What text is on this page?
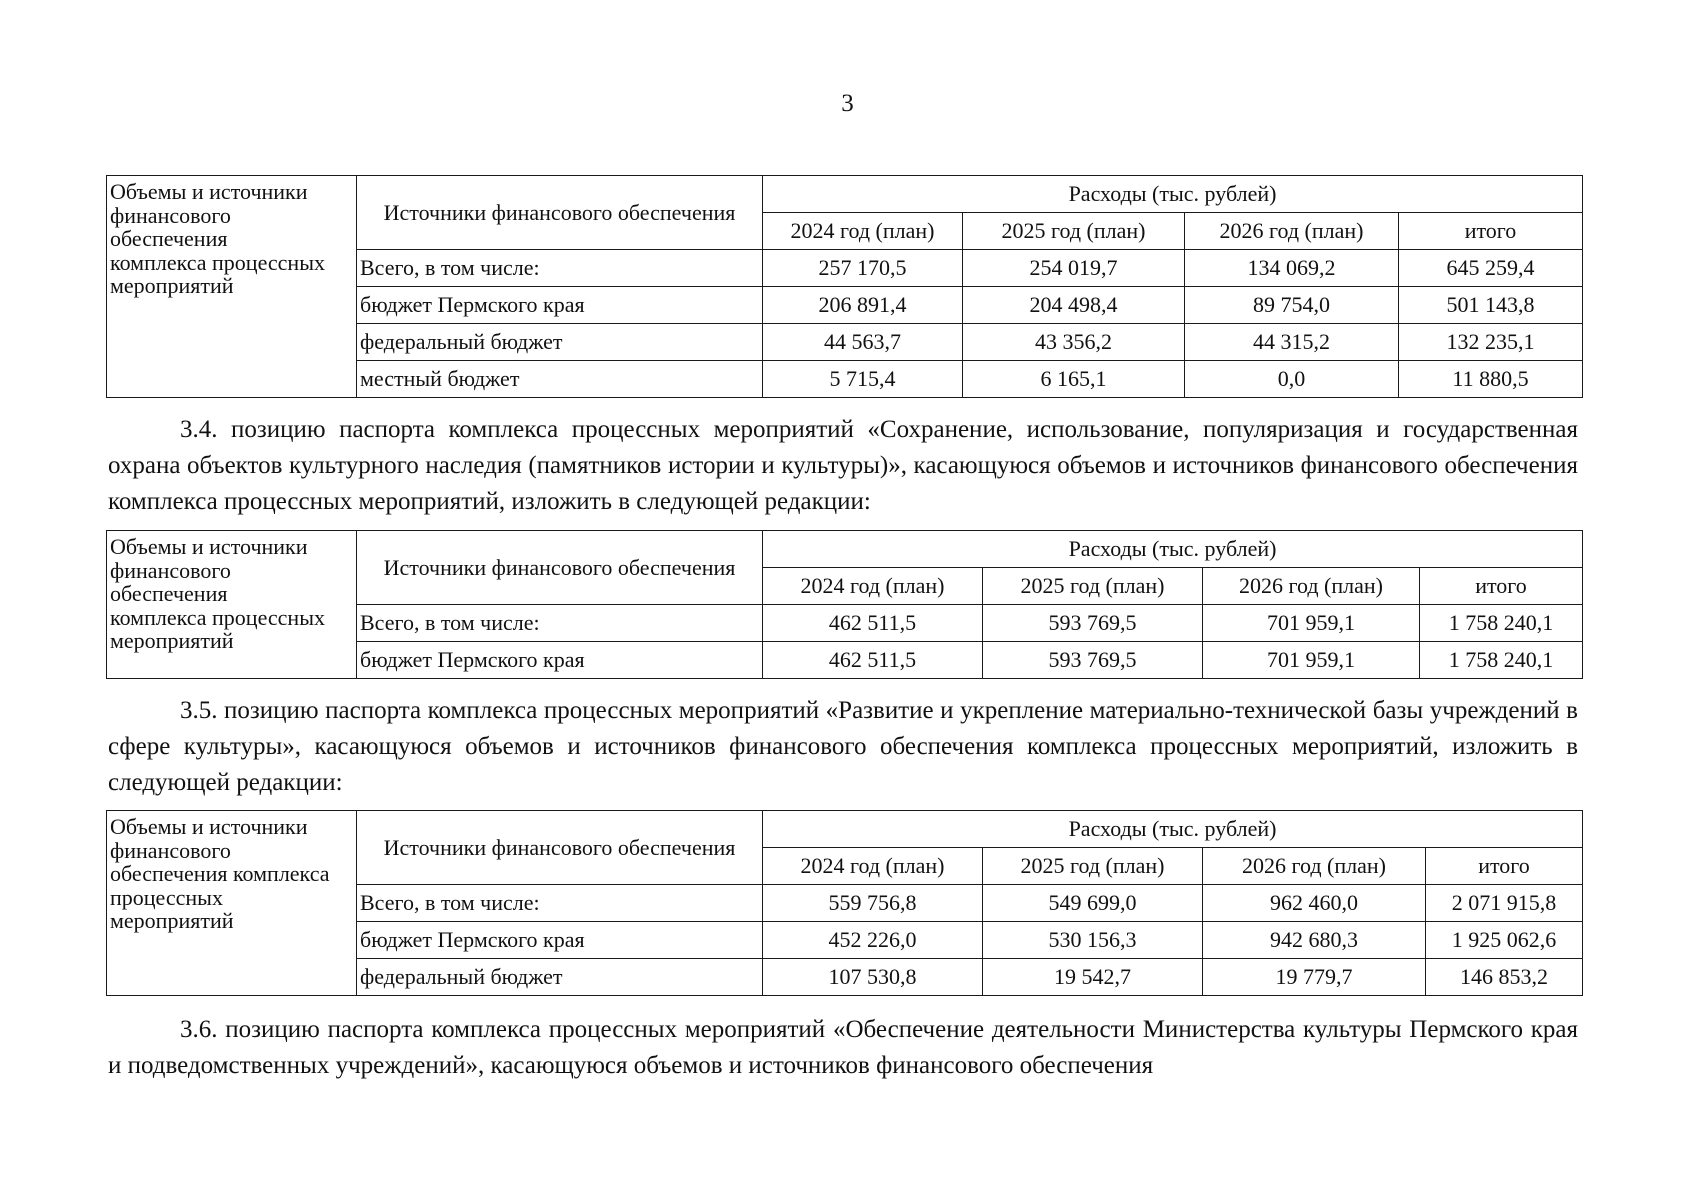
3
Объемы и источники
финансового
обеспечения
комплекса процессных
мероприятий	Источники финансового обеспечения	Расходы (тыс. рублей)			
		2024 год (план)	2025 год (план)	2026 год (план)	итого
	Всего, в том числе:	257 170,5	254 019,7	134 069,2	645 259,4
	бюджет Пермского края	206 891,4	204 498,4	89 754,0	501 143,8
	федеральный бюджет	44 563,7	43 356,2	44 315,2	132 235,1
	местный бюджет	5 715,4	6 165,1	0,0	11 880,5

3.4. позицию паспорта комплекса процессных мероприятий «Сохранение, использование, популяризация и государственная охрана объектов культурного наследия (памятников истории и культуры)», касающуюся объемов и источников финансового обеспечения комплекса процессных мероприятий, изложить в следующей редакции:

Объемы и источники
финансового
обеспечения
комплекса процессных
мероприятий	Источники финансового обеспечения	Расходы (тыс. рублей)			
		2024 год (план)	2025 год (план)	2026 год (план)	итого
	Всего, в том числе:	462 511,5	593 769,5	701 959,1	1 758 240,1
	бюджет Пермского края	462 511,5	593 769,5	701 959,1	1 758 240,1

3.5. позицию паспорта комплекса процессных мероприятий «Развитие и укрепление материально-технической базы учреждений в сфере культуры», касающуюся объемов и источников финансового обеспечения комплекса процессных мероприятий, изложить в следующей редакции:

Объемы и источники
финансового
обеспечения комплекса
процессных
мероприятий	Источники финансового обеспечения	Расходы (тыс. рублей)			
		2024 год (план)	2025 год (план)	2026 год (план)	итого
	Всего, в том числе:	559 756,8	549 699,0	962 460,0	2 071 915,8
	бюджет Пермского края	452 226,0	530 156,3	942 680,3	1 925 062,6
	федеральный бюджет	107 530,8	19 542,7	19 779,7	146 853,2

3.6. позицию паспорта комплекса процессных мероприятий «Обеспечение деятельности Министерства культуры Пермского края и подведомственных учреждений», касающуюся объемов и источников финансового обеспечения
